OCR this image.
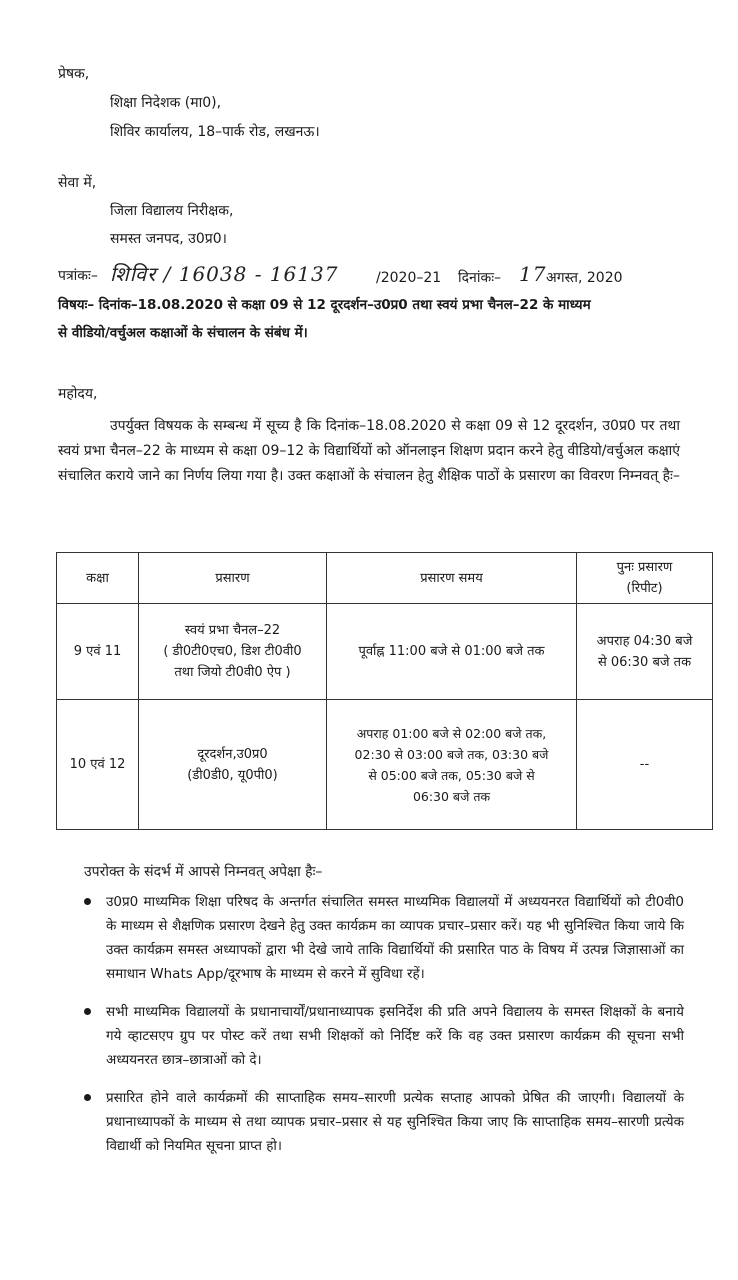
प्रेषक,
शिक्षा निदेशक (मा0),
शिविर कार्यालय, 18–पार्क रोड, लखनऊ।
सेवा में,
जिला विद्यालय निरीक्षक,
समस्त जनपद, उ0प्र0।
पत्रांकः– शिविर / 16038 - 16137	/2020–21 दिनांकः– 17 अगस्त, 2020
विषयः– दिनांक–18.08.2020 से कक्षा 09 से 12 दूरदर्शन–उ0प्र0 तथा स्वयं प्रभा चैनल–22 के माध्यम
से वीडियो/वर्चुअल कक्षाओं के संचालन के संबंध में।
महोदय,
उपर्युक्त विषयक के सम्बन्ध में सूच्य है कि दिनांक–18.08.2020 से कक्षा 09 से 12 दूरदर्शन, उ0प्र0 पर तथा स्वयं प्रभा चैनल–22 के माध्यम से कक्षा 09–12 के विद्यार्थियों को ऑनलाइन शिक्षण प्रदान करने हेतु वीडियो/वर्चुअल कक्षाएं संचालित कराये जाने का निर्णय लिया गया है। उक्त कक्षाओं के संचालन हेतु शैक्षिक पाठों के प्रसारण का विवरण निम्नवत् हैः–
कक्षा	प्रसारण	प्रसारण समय	पुनः प्रसारण
(रिपीट)
9 एवं 11	स्वयं प्रभा चैनल–22
( डी0टी0एच0, डिश टी0वी0
तथा जियो टी0वी0 ऐप )	पूर्वाह्न 11:00 बजे से 01:00 बजे तक	अपराह 04:30 बजे
से 06:30 बजे तक
10 एवं 12	दूरदर्शन,उ0प्र0
(डी0डी0, यू0पी0)	अपराह 01:00 बजे से 02:00 बजे तक,
02:30 से 03:00 बजे तक, 03:30 बजे
से 05:00 बजे तक, 05:30 बजे से
06:30 बजे तक	--
उपरोक्त के संदर्भ में आपसे निम्नवत् अपेक्षा हैः–
उ0प्र0 माध्यमिक शिक्षा परिषद के अन्तर्गत संचालित समस्त माध्यमिक विद्यालयों में अध्ययनरत विद्यार्थियों को टी0वी0 के माध्यम से शैक्षणिक प्रसारण देखने हेतु उक्त कार्यक्रम का व्यापक प्रचार–प्रसार करें। यह भी सुनिश्चित किया जाये कि उक्त कार्यक्रम समस्त अध्यापकों द्वारा भी देखे जाये ताकि विद्यार्थियों की प्रसारित पाठ के विषय में उत्पन्न जिज्ञासाओं का समाधान Whats App/दूरभाष के माध्यम से करने में सुविधा रहें।
सभी माध्यमिक विद्यालयों के प्रधानाचार्यों/प्रधानाध्यापक इसनिर्देश की प्रति अपने विद्यालय के समस्त शिक्षकों के बनाये गये व्हाटसएप ग्रुप पर पोस्ट करें तथा सभी शिक्षकों को निर्दिष्ट करें कि वह उक्त प्रसारण कार्यक्रम की सूचना सभी अध्ययनरत छात्र–छात्राओं को दे।
प्रसारित होने वाले कार्यक्रमों की साप्ताहिक समय–सारणी प्रत्येक सप्ताह आपको प्रेषित की जाएगी। विद्यालयों के प्रधानाध्यापकों के माध्यम से तथा व्यापक प्रचार–प्रसार से यह सुनिश्चित किया जाए कि साप्ताहिक समय–सारणी प्रत्येक विद्यार्थी को नियमित सूचना प्राप्त हो।
